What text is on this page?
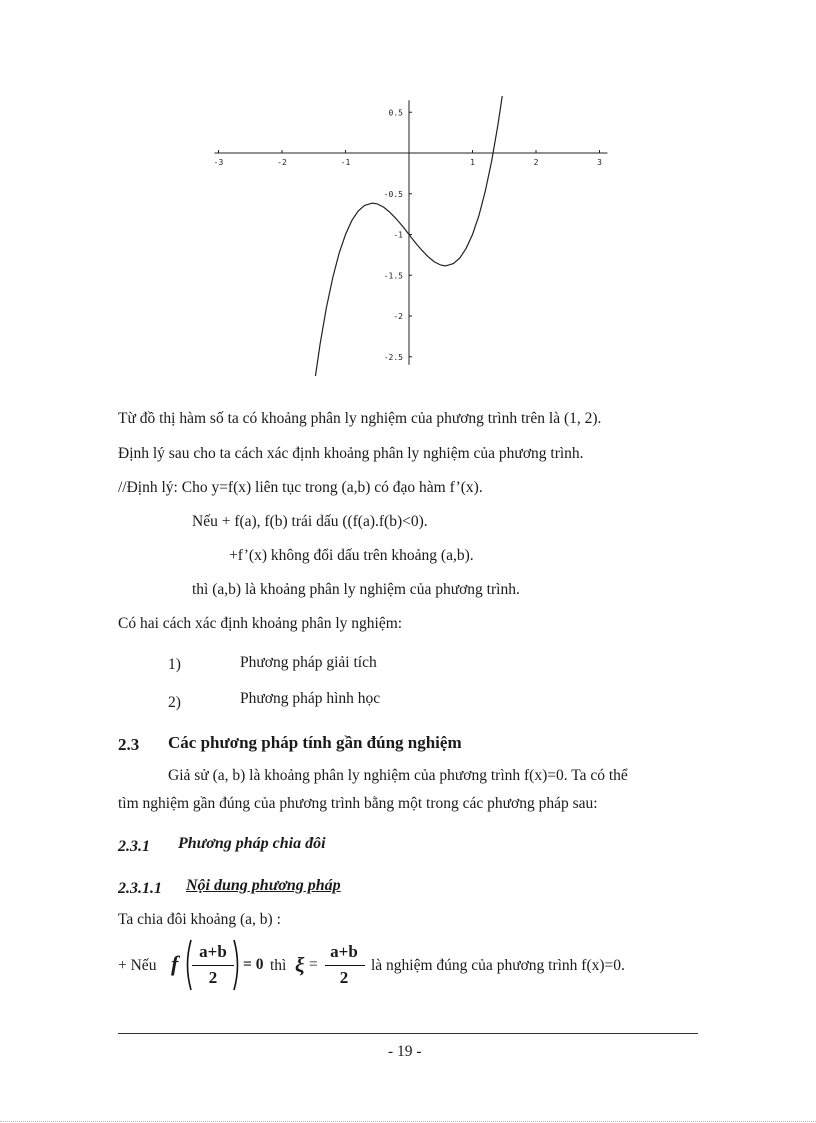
-3	-2	-1	1	2	3
0.5
-0.5
-1
-1.5
-2
-2.5
Từ đồ thị hàm số ta có khoảng phân ly nghiệm của phương trình trên là (1, 2).
Định lý sau cho ta cách xác định khoảng phân ly nghiệm của phương trình.
//Định lý: Cho y=f(x) liên tục trong (a,b) có đạo hàm f’(x).
Nếu + f(a), f(b) trái dấu ((f(a).f(b)<0).
+f’(x) không đổi dấu trên khoảng (a,b).
thì (a,b) là khoảng phân ly nghiệm của phương trình.
Có hai cách xác định khoảng phân ly nghiệm:
1)	Phương pháp giải tích
2)	Phương pháp hình học
2.3 Các phương pháp tính gần đúng nghiệm
Giả sử (a, b) là khoảng phân ly nghiệm của phương trình f(x)=0. Ta có thể
tìm nghiệm gần đúng của phương trình bằng một trong các phương pháp sau:
2.3.1 Phương pháp chia đôi
2.3.1.1 Nội dung phương pháp
Ta chia đôi khoảng (a, b) :
+ Nếu f	a+b
2
= 0 thì ξ =
a+b
2
là nghiệm đúng của phương trình f(x)=0.
- 19 -
